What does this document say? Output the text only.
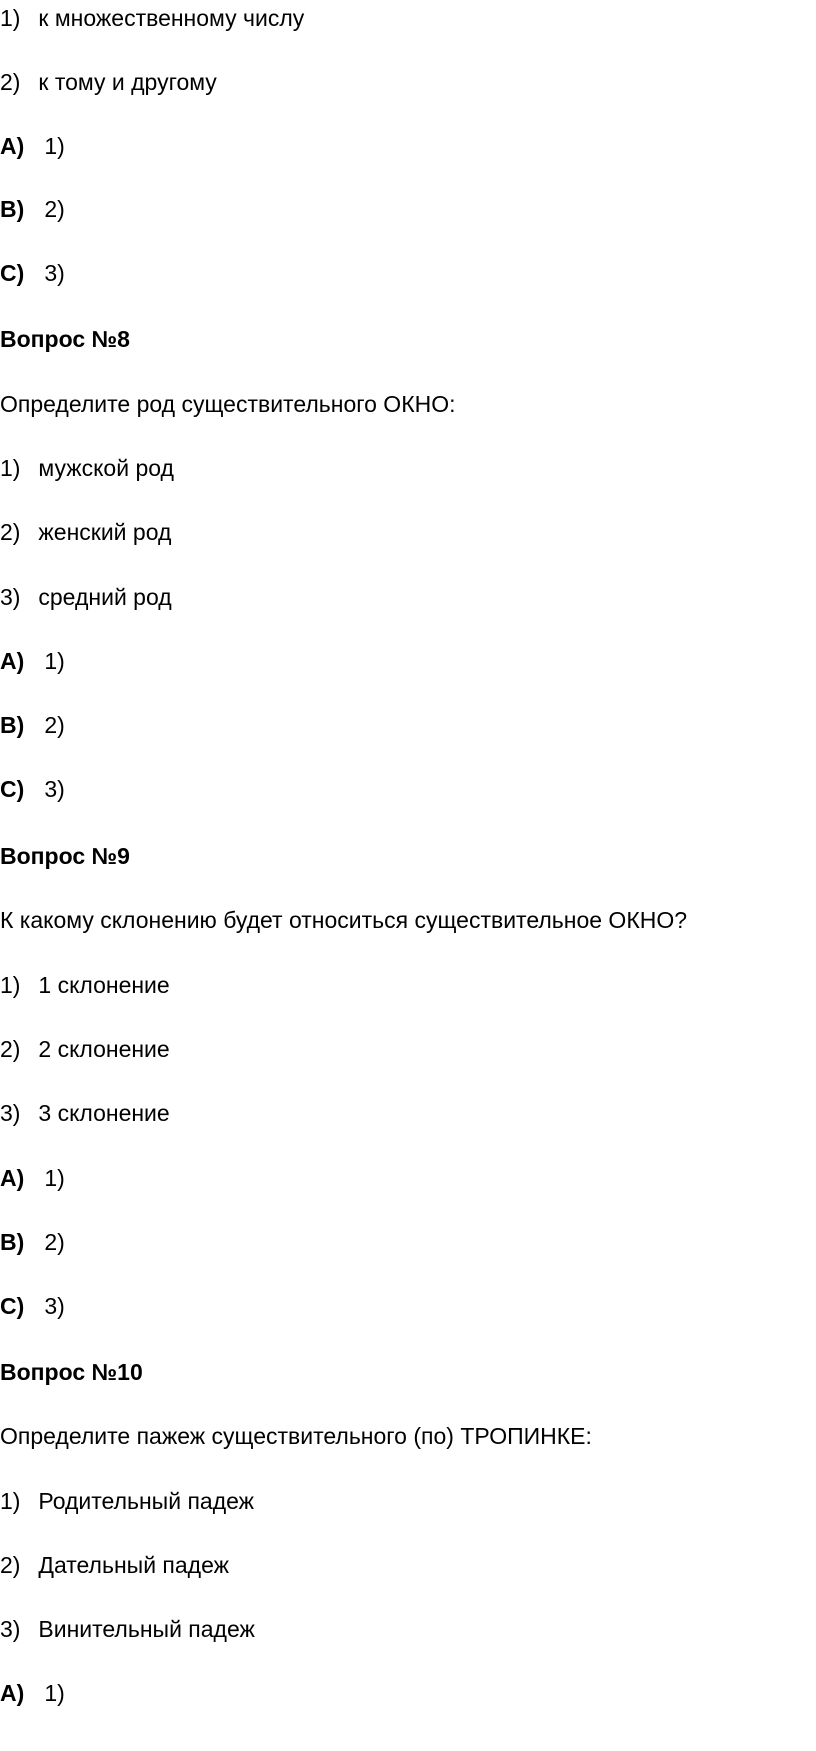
1) к множественному числу
2) к тому и другому
А) 1)
В) 2)
С) 3)
Вопрос №8
Определите род существительного ОКНО:
1) мужской род
2) женский род
3) средний род
А) 1)
В) 2)
С) 3)
Вопрос №9
К какому склонению будет относиться существительное ОКНО?
1) 1 склонение
2) 2 склонение
3) 3 склонение
А) 1)
В) 2)
С) 3)
Вопрос №10
Определите пажеж существительного (по) ТРОПИНКЕ:
1) Родительный падеж
2) Дательный падеж
3) Винительный падеж
А) 1)
